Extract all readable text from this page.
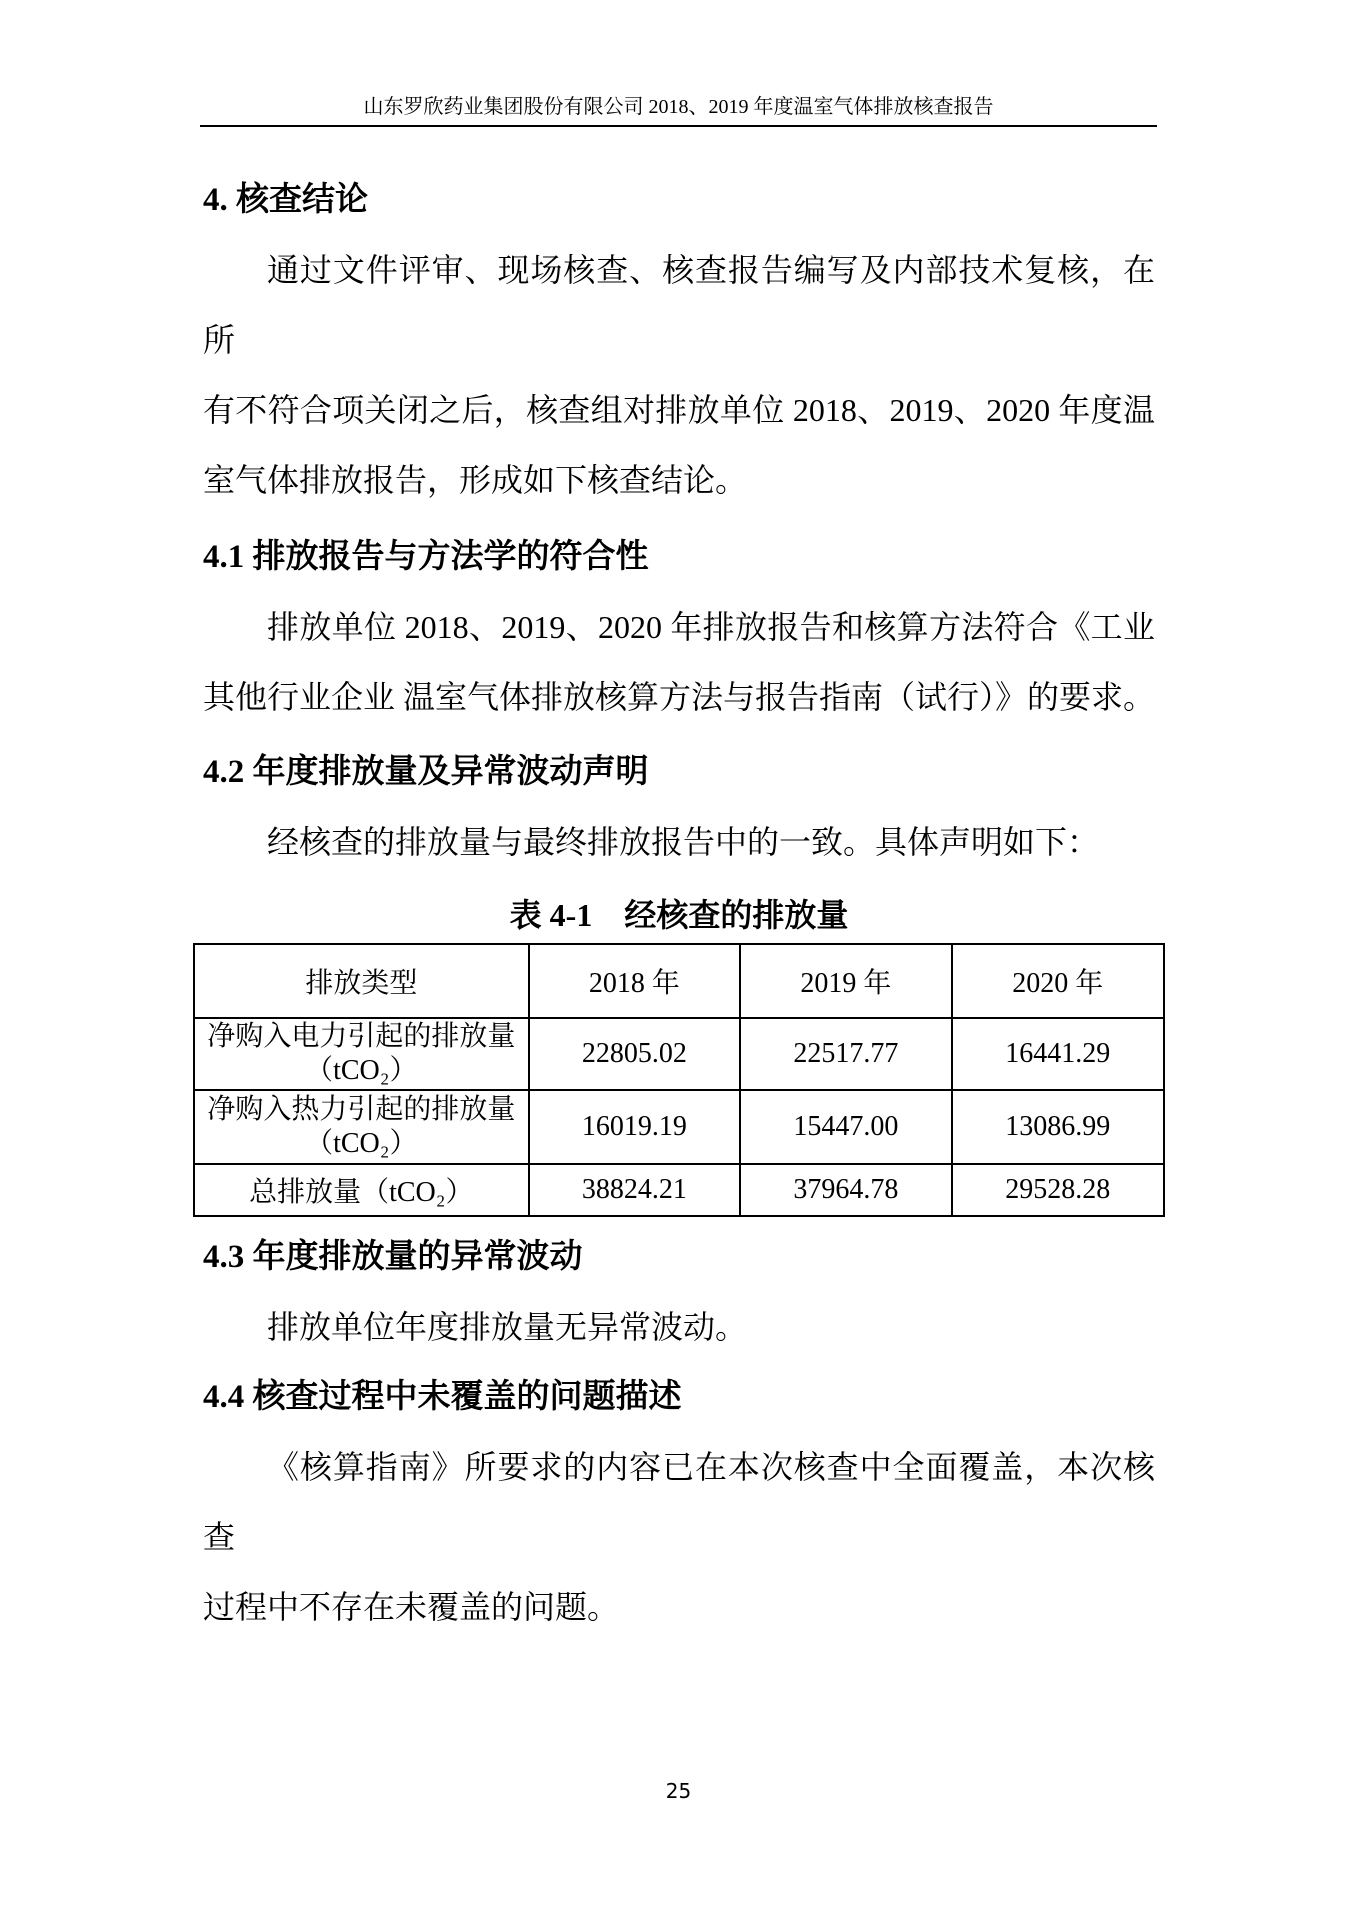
山东罗欣药业集团股份有限公司 2018、2019 年度温室气体排放核查报告
4. 核查结论
通过文件评审、现场核查、核查报告编写及内部技术复核，在所
有不符合项关闭之后，核查组对排放单位 2018、2019、2020 年度温
室气体排放报告，形成如下核查结论。
4.1 排放报告与方法学的符合性
排放单位 2018、2019、2020 年排放报告和核算方法符合《工业
其他行业企业 温室气体排放核算方法与报告指南（试行）》的要求。
4.2 年度排放量及异常波动声明
经核查的排放量与最终排放报告中的一致。具体声明如下：
表 4-1　经核查的排放量
排放类型	2018 年	2019 年	2020 年

净购入电力引起的排放量
（tCO₂）	22805.02	22517.77	16441.29

净购入热力引起的排放量
（tCO₂）	16019.19	15447.00	13086.99
总排放量（tCO₂）	38824.21	37964.78	29528.28
4.3 年度排放量的异常波动
排放单位年度排放量无异常波动。
4.4 核查过程中未覆盖的问题描述
《核算指南》所要求的内容已在本次核查中全面覆盖，本次核查
过程中不存在未覆盖的问题。
25
